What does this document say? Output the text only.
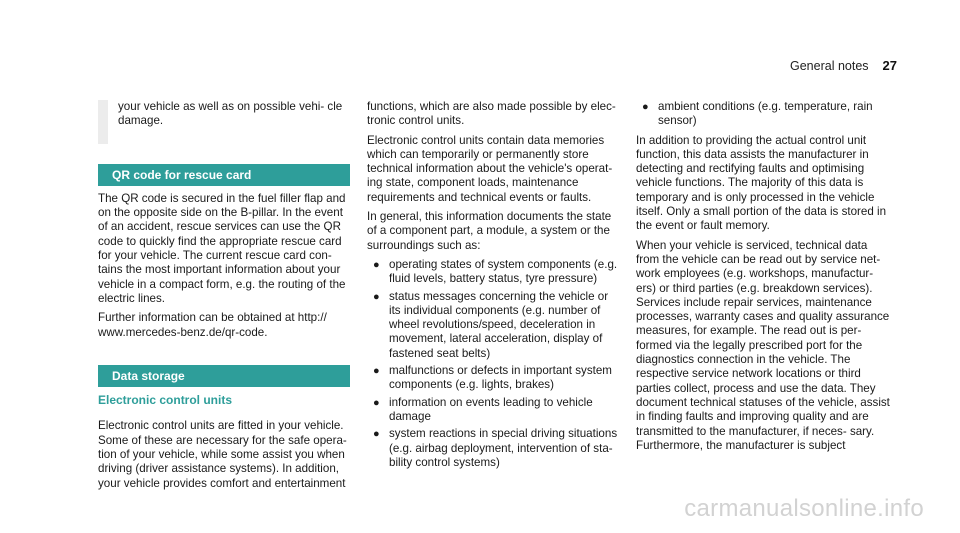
General notes 27
your vehicle as well as on possible vehi- cle damage.
QR code for rescue card

The QR code is secured in the fuel filler flap and on the opposite side on the B-pillar. In the event of an accident, rescue services can use the QR code to quickly find the appropriate rescue card for your vehicle. The current rescue card con- tains the most important information about your vehicle in a compact form, e.g. the routing of the electric lines.

Further information can be obtained at http:// www.mercedes-benz.de/qr-code.

Data storage
Electronic control units

Electronic control units are fitted in your vehicle. Some of these are necessary for the safe opera- tion of your vehicle, while some assist you when driving (driver assistance systems). In addition, your vehicle provides comfort and entertainment

functions, which are also made possible by elec- tronic control units.

Electronic control units contain data memories which can temporarily or permanently store technical information about the vehicle's operat- ing state, component loads, maintenance requirements and technical events or faults.

In general, this information documents the state of a component part, a module, a system or the surroundings such as:

● operating states of system components (e.g. fluid levels, battery status, tyre pressure)
● status messages concerning the vehicle or its individual components (e.g. number of wheel revolutions/speed, deceleration in movement, lateral acceleration, display of fastened seat belts)
● malfunctions or defects in important system components (e.g. lights, brakes)
● information on events leading to vehicle damage
● system reactions in special driving situations (e.g. airbag deployment, intervention of sta- bility control systems)
● ambient conditions (e.g. temperature, rain sensor)

In addition to providing the actual control unit function, this data assists the manufacturer in detecting and rectifying faults and optimising vehicle functions. The majority of this data is temporary and is only processed in the vehicle itself. Only a small portion of the data is stored in the event or fault memory.

When your vehicle is serviced, technical data from the vehicle can be read out by service net- work employees (e.g. workshops, manufactur- ers) or third parties (e.g. breakdown services). Services include repair services, maintenance processes, warranty cases and quality assurance measures, for example. The read out is per- formed via the legally prescribed port for the diagnostics connection in the vehicle. The respective service network locations or third parties collect, process and use the data. They document technical statuses of the vehicle, assist in finding faults and improving quality and are transmitted to the manufacturer, if neces- sary. Furthermore, the manufacturer is subject

carmanualsonline.info
